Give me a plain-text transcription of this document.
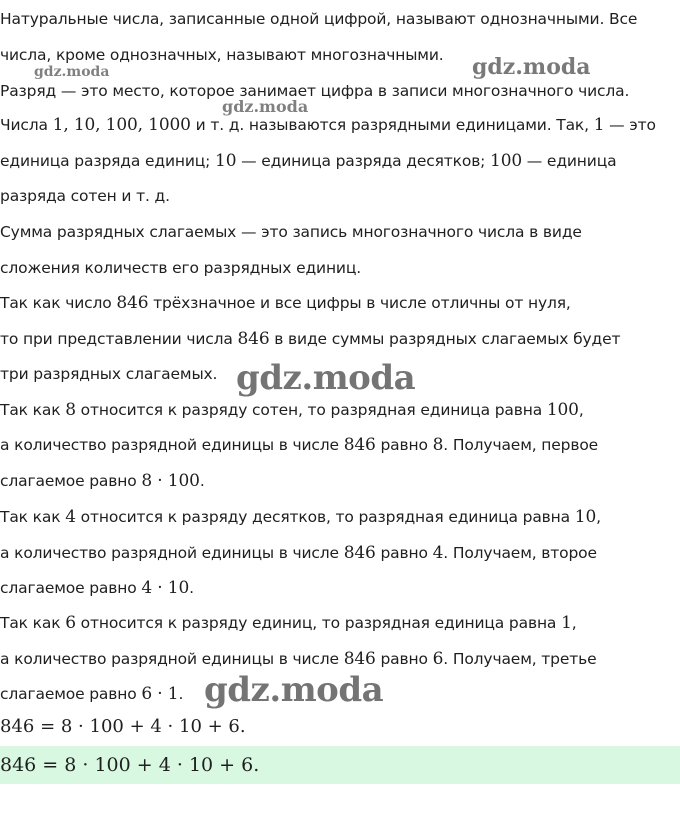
Натуральные числа, записанные одной цифрой, называют однозначными. Все
числа, кроме однозначных, называют многозначными.
Разряд — это место, которое занимает цифра в записи многозначного числа.
Числа 1, 10, 100, 1000 и т. д. называются разрядными единицами. Так, 1 — это
единица разряда единиц; 10 — единица разряда десятков; 100 — единица
разряда сотен и т. д.
Сумма разрядных слагаемых — это запись многозначного числа в виде
сложения количеств его разрядных единиц.
Так как число 846 трёхзначное и все цифры в числе отличны от нуля,
то при представлении числа 846 в виде суммы разрядных слагаемых будет
три разрядных слагаемых.
Так как 8 относится к разряду сотен, то разрядная единица равна 100,
а количество разрядной единицы в числе 846 равно 8. Получаем, первое
слагаемое равно 8 · 100.
Так как 4 относится к разряду десятков, то разрядная единица равна 10,
а количество разрядной единицы в числе 846 равно 4. Получаем, второе
слагаемое равно 4 · 10.
Так как 6 относится к разряду единиц, то разрядная единица равна 1,
а количество разрядной единицы в числе 846 равно 6. Получаем, третье
слагаемое равно 6 · 1.
846 = 8 · 100 + 4 · 10 + 6.
846 = 8 · 100 + 4 · 10 + 6.
gdz.moda	gdz.moda
gdz.moda
gdz.moda
gdz.moda
